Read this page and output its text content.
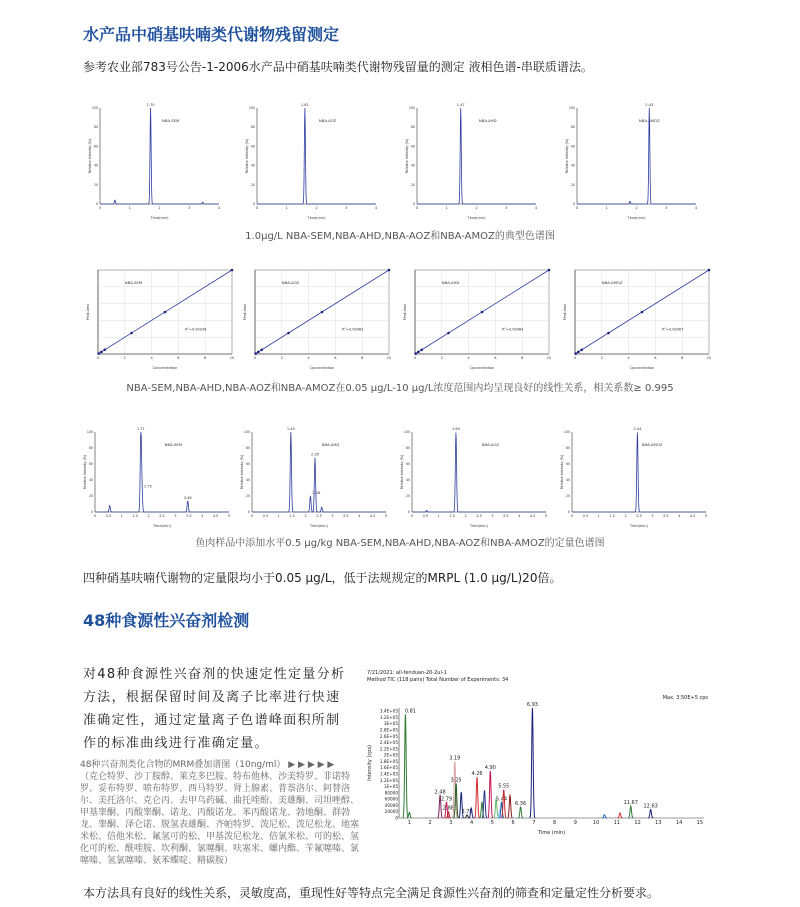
水产品中硝基呋喃类代谢物残留测定
参考农业部783号公告-1-2006水产品中硝基呋喃类代谢物残留量的测定 液相色谱-串联质谱法。
1.0μg/L NBA-SEM,NBA-AHD,NBA-AOZ和NBA-AMOZ的典型色谱图
NBA-SEM,NBA-AHD,NBA-AOZ和NBA-AMOZ在0.05 μg/L-10 μg/L浓度范围内均呈现良好的线性关系，相关系数≥ 0.995
鱼肉样品中添加水平0.5 μg/kg NBA-SEM,NBA-AHD,NBA-AOZ和NBA-AMOZ的定量色谱图
四种硝基呋喃代谢物的定量限均小于0.05 μg/L，低于法规规定的MRPL (1.0 μg/L)20倍。
48种食源性兴奋剂检测
对48种食源性兴奋剂的快速定性定量分析方法，根据保留时间及离子比率进行快速准确定性，通过定量离子色谱峰面积所制作的标准曲线进行准确定量。
48种兴奋剂类化合物的MRM叠加谱图（10ng/ml） ▶ ▶ ▶ ▶ ▶
（克仑特罗、沙丁胺醇、莱克多巴胺、特布他林、沙美特罗、非诺特罗、妥布特罗、喷布特罗、西马特罗、肾上腺素、普萘洛尔、阿替洛尔、美托洛尔、克仑丙、去甲乌药碱、曲托喹酚、美雄酮、司坦唑醇、甲基睾酮、丙酸睾酮、诺龙、丙酸诺龙、苯丙酸诺龙、勃地酮、群勃龙、睾酮、泽仑诺、脱氢表雄酮、齐帕特罗、泼尼松、泼尼松龙、地塞米松、倍他米松、氟氢可的松、甲基泼尼松龙、倍氯米松、可的松、氢化可的松、酰喹胺、坎利酮、氯噻酮、呋塞米、螺内酯、苄氟噻嗪、氯噻嗪、氢氯噻嗪、氨苯蝶啶、精碳胺）
7/21/2021: all-fenduan-20-2ul-1
Method TIC (118 pairs) Total Number of Experiments: 34
Max. 3.50E+5 cps
1	2	3	4	5	6	7	8	9	10	11	12	13	14	15
0
20000
40000
60000
80000
1E+05
1.2E+05
1.4E+05
1.6E+05
1.8E+05
2E+05
2.2E+05
2.4E+05
2.6E+05
2.8E+05
3E+05
3.2E+05
3.4E+05
Time (min)
Intensity (cps)
0.81
2.48
2.79
2.88
3.19
3.25
3.78
4.26
4.90
5.44
5.55
6.36
6.93
11.67
12.63
本方法具有良好的线性关系，灵敏度高，重现性好等特点完全满足食源性兴奋剂的筛查和定量定性分析要求。
0	1	2	3	4
0
20
40
60
80
100
Time(min)
Relative Intensity (%)
NBA-SEM
1.70
0	1	2	3	4
0
20
40
60
80
100
Time(min)
Relative Intensity (%)
NBA-AOZ
1.61
0	1	2	3	4
0
20
40
60
80
100
Time(min)
Relative Intensity (%)
NBA-AHD
1.47
0	1	2	3	4
0
20
40
60
80
100
Time(min)
Relative Intensity (%)
NBA-AMOZ
2.43
0	2	4	6	8	10
Concentration
Peak Area
NBA-SEM
R²=0.99936
0	2	4	6	8	10
Concentration
Peak Area
NBA-AOZ
R²=0.99983
0	2	4	6	8	10
Concentration
Peak Area
NBA-AHD
R²=0.99984
0	2	4	6	8	10
Concentration
Peak Area
NBA-AMOZ
R²=0.99967
0	0.5	1	1.5	2	2.5	3	3.5	4	4.5	5
0
20
40
60
80
100
Time(min)
Relative Intensity (%)
NBA-SEM
1.71
1.75
3.46
0	0.5	1	1.5	2	2.5	3	3.5	4	4.5	5
0
20
40
60
80
100
Time(min)
Relative Intensity (%)
NBA-AHD
1.45
2.35
2.18
0	0.5	1	1.5	2	2.5	3	3.5	4	4.5	5
0
20
40
60
80
100
Time(min)
Relative Intensity (%)
NBA-AOZ
1.64
0	0.5	1	1.5	2	2.5	3	3.5	4	4.5	5
0
20
40
60
80
100
Time(min)
Relative Intensity (%)
NBA-AMOZ
2.44
